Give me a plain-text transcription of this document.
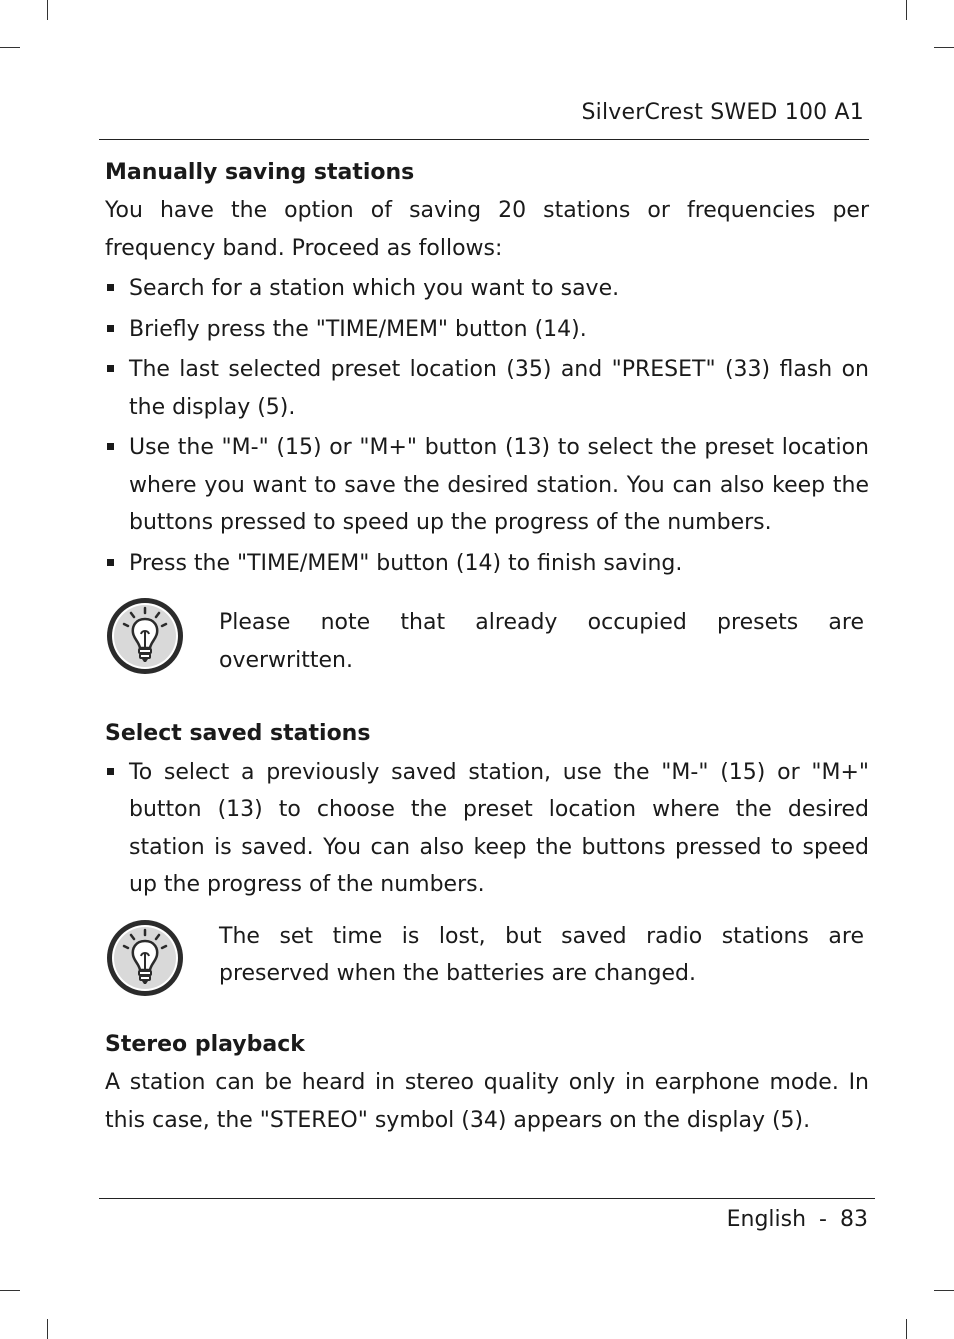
SilverCrest SWED 100 A1
Manually saving stations

You have the option of saving 20 stations or frequencies per frequency band. Proceed as follows:

Search for a station which you want to save.
Briefly press the "TIME/MEM" button (14).
The last selected preset location (35) and "PRESET" (33) flash on the display (5).
Use the "M-" (15) or "M+" button (13) to select the preset location where you want to save the desired station. You can also keep the buttons pressed to speed up the progress of the numbers.
Press the "TIME/MEM" button (14) to finish saving.
Please note that already occupied presets are overwritten.
Select saved stations
To select a previously saved station, use the "M-" (15) or "M+" button (13) to choose the preset location where the desired station is saved. You can also keep the buttons pressed to speed up the progress of the numbers.
The set time is lost, but saved radio stations are preserved when the batteries are changed.
Stereo playback

A station can be heard in stereo quality only in earphone mode. In this case, the "STEREO" symbol (34) appears on the display (5).

English - 83
